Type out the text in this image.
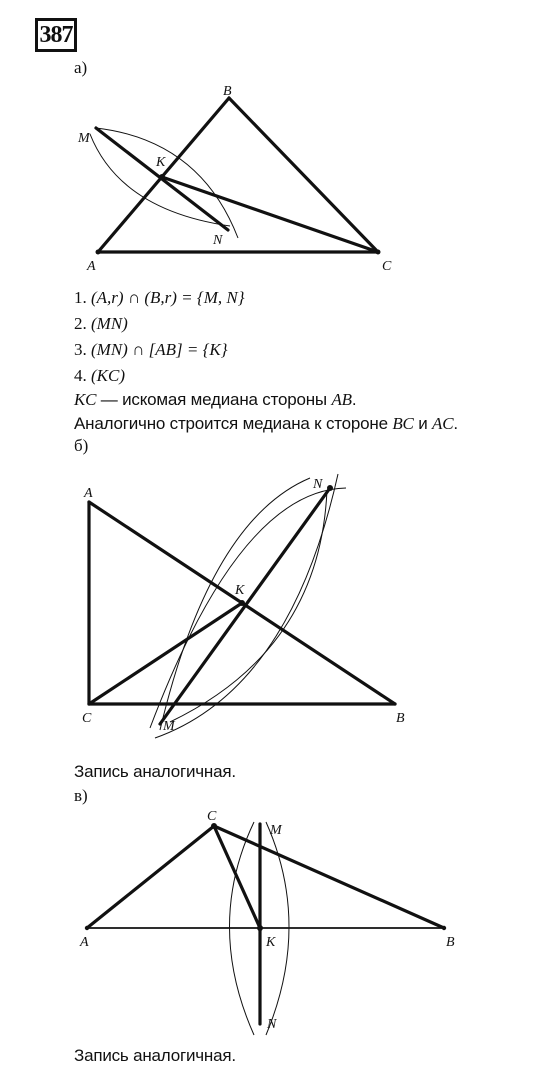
387
а)
B
M
K
N
A	C
1. (A,r) ∩ (B,r) = {M, N}
2. (MN)
3. (MN) ∩ [AB] = {K}
4. (KC)
KC — искомая медиана стороны AB.
Аналогично строится медиана к стороне BC и AC.
б)
A
N
K
C
M
B
Запись аналогичная.
в)
C
M
A	K	B
N
Запись аналогичная.
